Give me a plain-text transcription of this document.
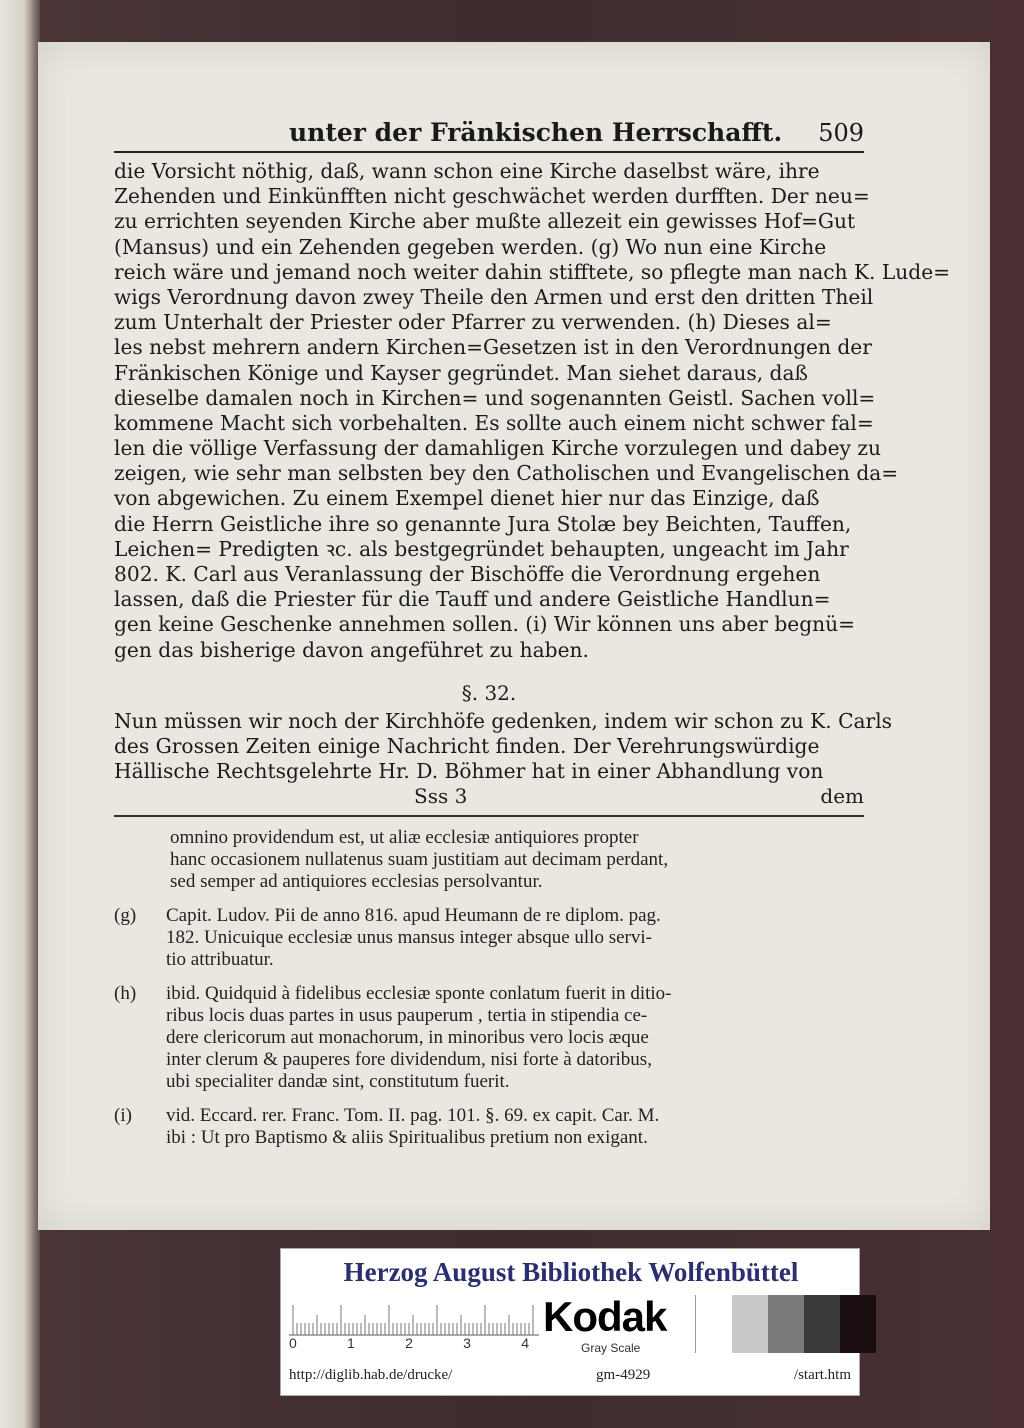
unter der Fränkischen Herrschafft. 509
die Vorsicht nöthig, daß, wann schon eine Kirche daselbst wäre, ihre
Zehenden und Einkünfften nicht geschwächet werden durfften. Der neu=
zu errichten seyenden Kirche aber mußte allezeit ein gewisses Hof=Gut
(Mansus) und ein Zehenden gegeben werden. (g) Wo nun eine Kirche
reich wäre und jemand noch weiter dahin stifftete, so pflegte man nach K. Lude=
wigs Verordnung davon zwey Theile den Armen und erst den dritten Theil
zum Unterhalt der Priester oder Pfarrer zu verwenden. (h) Dieses al=
les nebst mehrern andern Kirchen=Gesetzen ist in den Verordnungen der
Fränkischen Könige und Kayser gegründet. Man siehet daraus, daß
dieselbe damalen noch in Kirchen= und sogenannten Geistl. Sachen voll=
kommene Macht sich vorbehalten. Es sollte auch einem nicht schwer fal=
len die völlige Verfassung der damahligen Kirche vorzulegen und dabey zu
zeigen, wie sehr man selbsten bey den Catholischen und Evangelischen da=
von abgewichen. Zu einem Exempel dienet hier nur das Einzige, daß
die Herrn Geistliche ihre so genannte Jura Stolæ bey Beichten, Tauffen,
Leichen= Predigten ꝛc. als bestgegründet behaupten, ungeacht im Jahr
802. K. Carl aus Veranlassung der Bischöffe die Verordnung ergehen
lassen, daß die Priester für die Tauff und andere Geistliche Handlun=
gen keine Geschenke annehmen sollen. (i) Wir können uns aber begnü=
gen das bisherige davon angeführet zu haben.
§. 32.
Nun müssen wir noch der Kirchhöfe gedenken, indem wir schon zu K. Carls
des Grossen Zeiten einige Nachricht finden. Der Verehrungswürdige
Hällische Rechtsgelehrte Hr. D. Böhmer hat in einer Abhandlung von
Sss 3	dem
omnino providendum est, ut aliæ ecclesiæ antiquiores propter
hanc occasionem nullatenus suam justitiam aut decimam perdant,
sed semper ad antiquiores ecclesias persolvantur.
(g)	Capit. Ludov. Pii de anno 816. apud Heumann de re diplom. pag.
182. Unicuique ecclesiæ unus mansus integer absque ullo servi-
tio attribuatur.
(h)	ibid. Quidquid à fidelibus ecclesiæ sponte conlatum fuerit in ditio-
ribus locis duas partes in usus pauperum , tertia in stipendia ce-
dere clericorum aut monachorum, in minoribus vero locis æque
inter clerum & pauperes fore dividendum, nisi forte à datoribus,
ubi specialiter dandæ sint, constitutum fuerit.
(i)	vid. Eccard. rer. Franc. Tom. II. pag. 101. §. 69. ex capit. Car. M.
ibi : Ut pro Baptismo & aliis Spiritualibus pretium non exigant.
Herzog August Bibliothek Wolfenbüttel
0	1	2	3	4
Kodak
Gray Scale
http://diglib.hab.de/drucke/	gm-4929	/start.htm
